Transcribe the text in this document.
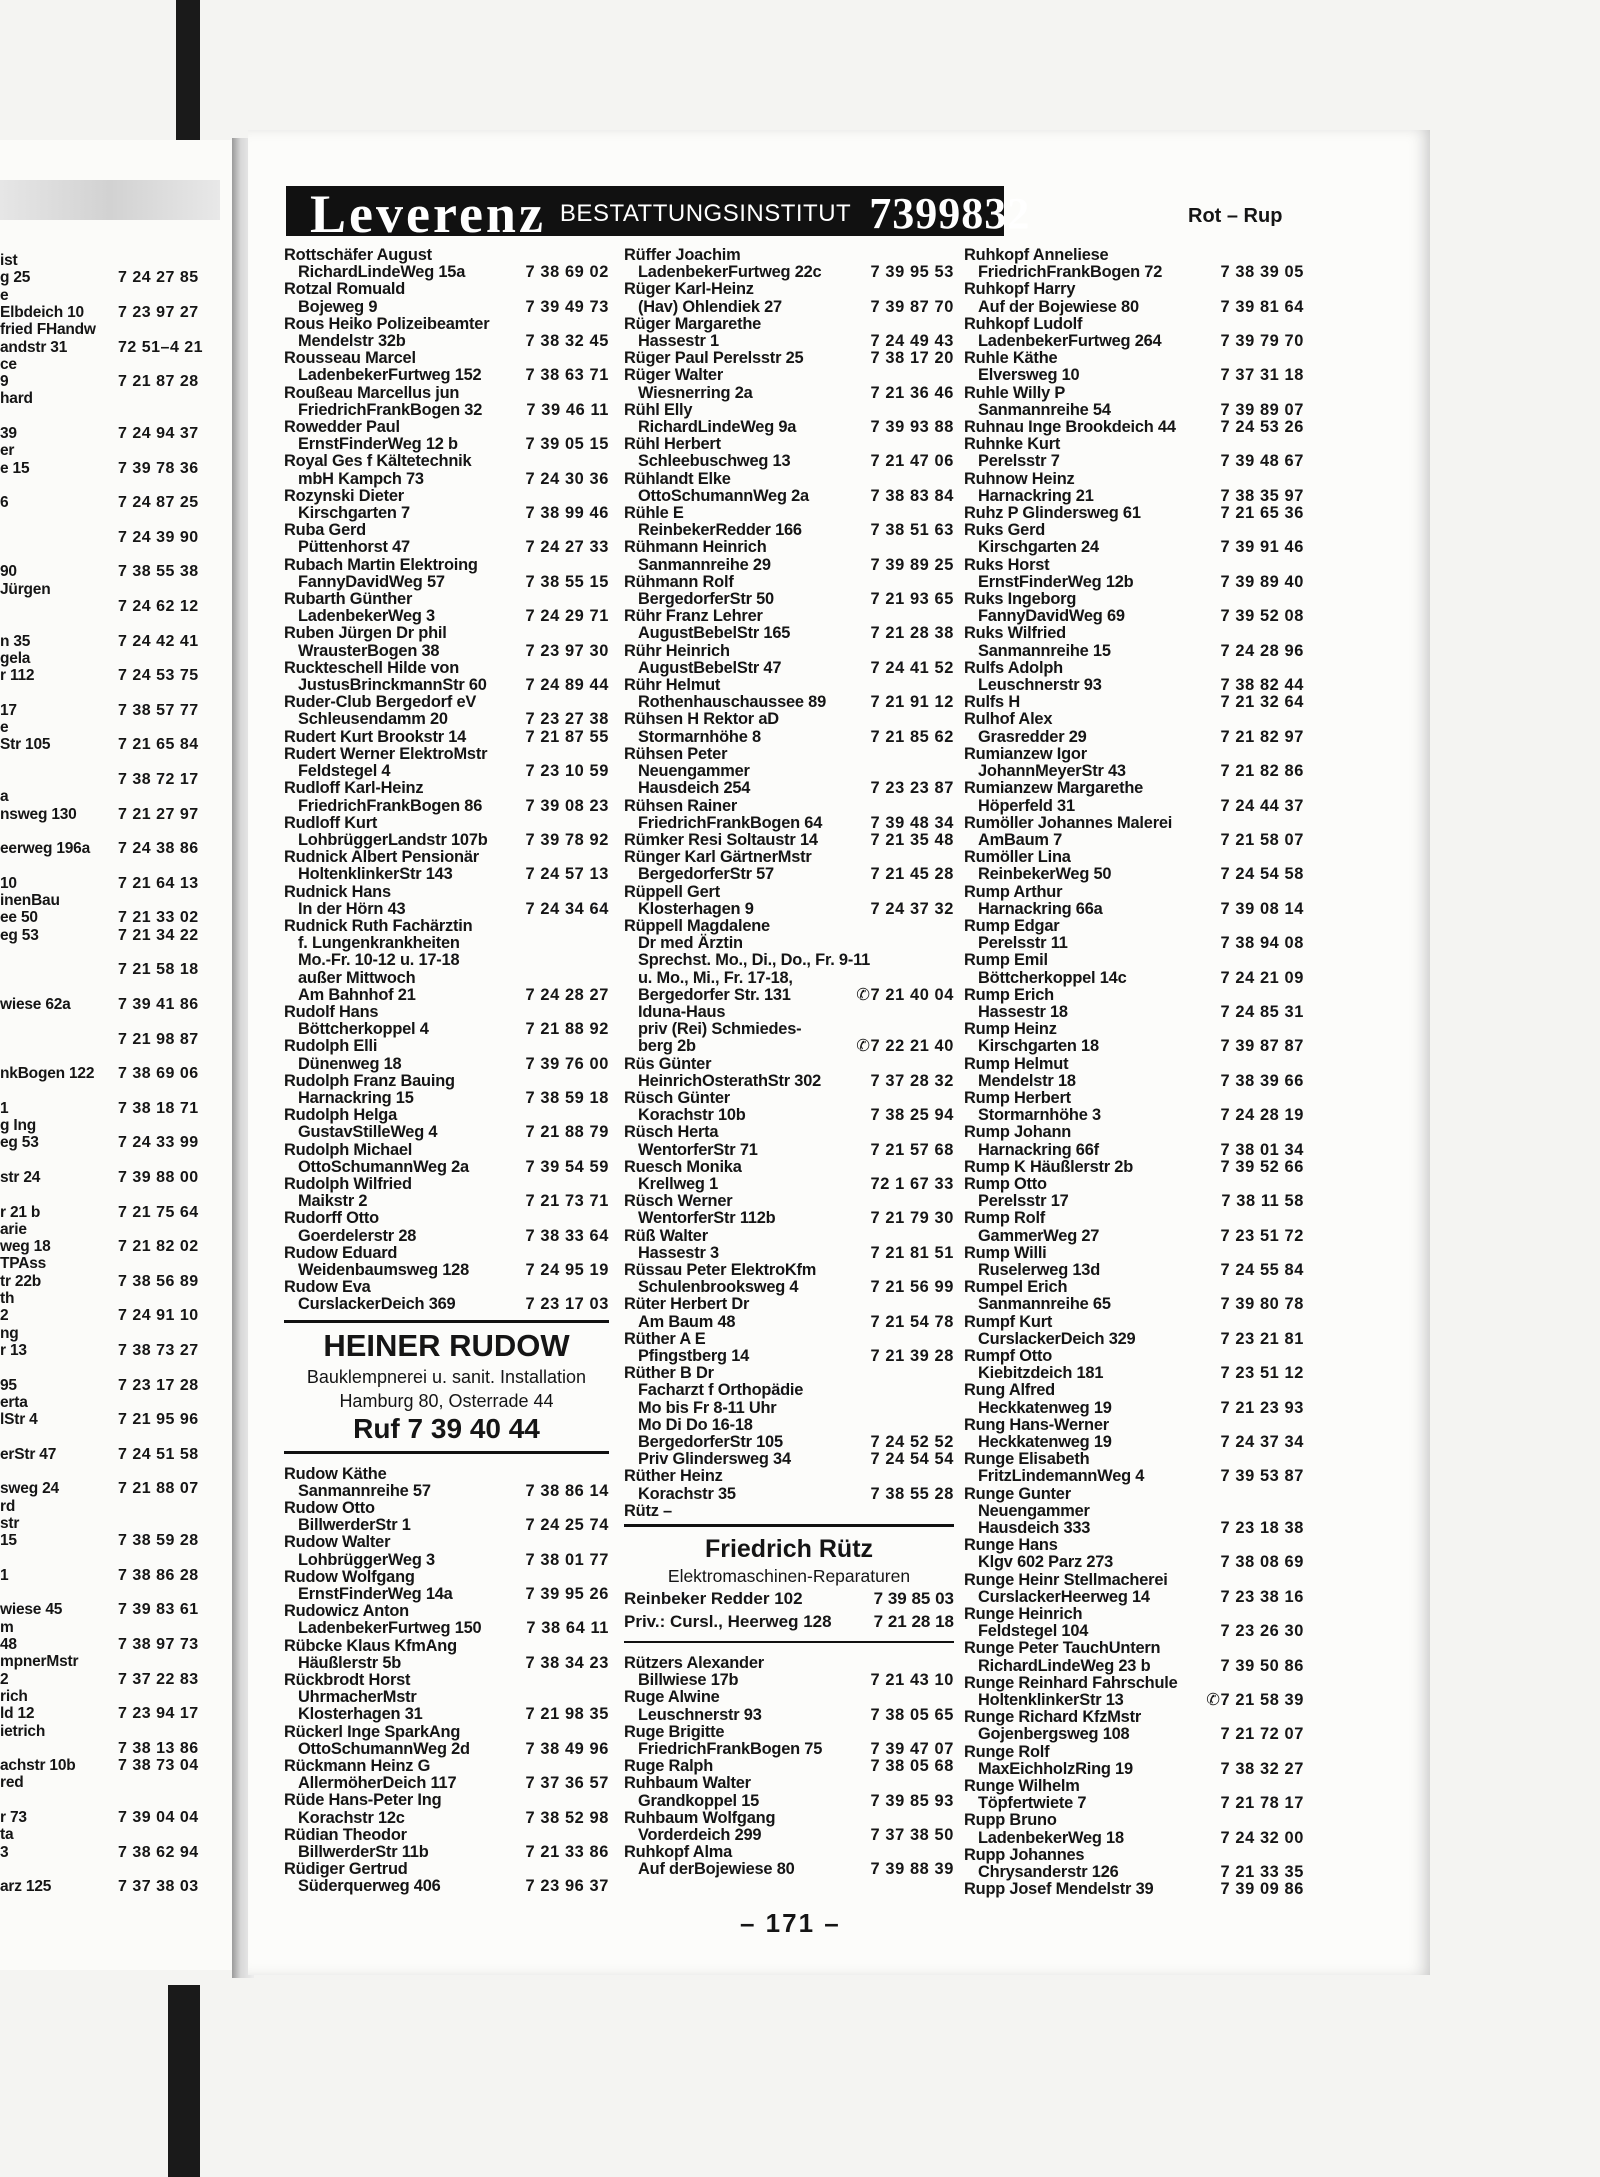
ist
g 25	7 24 27 85
e
Elbdeich 10 7 23 97 27
fried FHandw
andstr 31	72 51–4 21
ce
9	7 21 87 28
hard
39	7 24 94 37
er
e 15	7 39 78 36
6	7 24 87 25
7 24 39 90
90	7 38 55 38
Jürgen
7 24 62 12
n 35	7 24 42 41
gela
r 112	7 24 53 75
17	7 38 57 77
e
Str 105	7 21 65 84
7 38 72 17
a
nsweg 130	7 21 27 97
eerweg 196a 7 24 38 86
10	7 21 64 13
inenBau
ee 50	7 21 33 02
eg 53	7 21 34 22
7 21 58 18
wiese 62a	7 39 41 86
7 21 98 87
nkBogen 122 7 38 69 06
1	7 38 18 71
g Ing
eg 53	7 24 33 99
str 24	7 39 88 00
r 21 b	7 21 75 64
arie
weg 18	7 21 82 02
TPAss
tr 22b	7 38 56 89
th
2	7 24 91 10
ng
r 13	7 38 73 27
95	7 23 17 28
erta
lStr 4	7 21 95 96
erStr 47	7 24 51 58
sweg 24	7 21 88 07
rd
str
15	7 38 59 28
1	7 38 86 28
wiese 45	7 39 83 61
m
48	7 38 97 73
mpnerMstr
2	7 37 22 83
rich
ld 12	7 23 94 17
ietrich
7 38 13 86
achstr 10b	7 38 73 04
red
r 73	7 39 04 04
ta
3	7 38 62 94
arz 125	7 37 38 03
Leverenz BESTATTUNGSINSTITUT 7399832	Rot – Rup
Rottschäfer August
RichardLindeWeg 15a	7 38 69 02
Rotzal Romuald
Bojeweg 9	7 39 49 73
Rous Heiko Polizeibeamter
Mendelstr 32b	7 38 32 45
Rousseau Marcel
LadenbekerFurtweg 152	7 38 63 71
Roußeau Marcellus jun
FriedrichFrankBogen 32	7 39 46 11
Rowedder Paul
ErnstFinderWeg 12 b	7 39 05 15
Royal Ges f Kältetechnik
mbH Kampch 73	7 24 30 36
Rozynski Dieter
Kirschgarten 7	7 38 99 46
Ruba Gerd
Püttenhorst 47	7 24 27 33
Rubach Martin Elektroing
FannyDavidWeg 57	7 38 55 15
Rubarth Günther
LadenbekerWeg 3	7 24 29 71
Ruben Jürgen Dr phil
WrausterBogen 38	7 23 97 30
Ruckteschell Hilde von
JustusBrinckmannStr 60 7 24 89 44
Ruder-Club Bergedorf eV
Schleusendamm 20	7 23 27 38
Rudert Kurt Brookstr 14	7 21 87 55
Rudert Werner ElektroMstr
Feldstegel 4	7 23 10 59
Rudloff Karl-Heinz
FriedrichFrankBogen 86	7 39 08 23
Rudloff Kurt
LohbrüggerLandstr 107b 7 39 78 92
Rudnick Albert Pensionär
HoltenklinkerStr 143	7 24 57 13
Rudnick Hans
In der Hörn 43	7 24 34 64
Rudnick Ruth Fachärztin
f. Lungenkrankheiten
Mo.-Fr. 10-12 u. 17-18
außer Mittwoch
Am Bahnhof 21	7 24 28 27
Rudolf Hans
Böttcherkoppel 4	7 21 88 92
Rudolph Elli
Dünenweg 18	7 39 76 00
Rudolph Franz Bauing
Harnackring 15	7 38 59 18
Rudolph Helga
GustavStilleWeg 4	7 21 88 79
Rudolph Michael
OttoSchumannWeg 2a	7 39 54 59
Rudolph Wilfried
Maikstr 2	7 21 73 71
Rudorff Otto
Goerdelerstr 28	7 38 33 64
Rudow Eduard
Weidenbaumsweg 128	7 24 95 19
Rudow Eva
CurslackerDeich 369	7 23 17 03
HEINER RUDOW
Bauklempnerei u. sanit. Installation
Hamburg 80, Osterrade 44
Ruf 7 39 40 44
Rudow Käthe
Sanmannreihe 57	7 38 86 14
Rudow Otto
BillwerderStr 1	7 24 25 74
Rudow Walter
LohbrüggerWeg 3	7 38 01 77
Rudow Wolfgang
ErnstFinderWeg 14a	7 39 95 26
Rudowicz Anton
LadenbekerFurtweg 150	7 38 64 11
Rübcke Klaus KfmAng
Häußlerstr 5b	7 38 34 23
Rückbrodt Horst
UhrmacherMstr
Klosterhagen 31	7 21 98 35
Rückerl Inge SparkAng
OttoSchumannWeg 2d	7 38 49 96
Rückmann Heinz G
AllermöherDeich 117	7 37 36 57
Rüde Hans-Peter Ing
Korachstr 12c	7 38 52 98
Rüdian Theodor
BillwerderStr 11b	7 21 33 86
Rüdiger Gertrud
Süderquerweg 406	7 23 96 37
Rüffer Joachim
LadenbekerFurtweg 22c	7 39 95 53
Rüger Karl-Heinz
(Hav) Ohlendiek 27	7 39 87 70
Rüger Margarethe
Hassestr 1	7 24 49 43
Rüger Paul Perelsstr 25	7 38 17 20
Rüger Walter
Wiesnerring 2a	7 21 36 46
Rühl Elly
RichardLindeWeg 9a	7 39 93 88
Rühl Herbert
Schleebuschweg 13	7 21 47 06
Rühlandt Elke
OttoSchumannWeg 2a	7 38 83 84
Rühle E
ReinbekerRedder 166	7 38 51 63
Rühmann Heinrich
Sanmannreihe 29	7 39 89 25
Rühmann Rolf
BergedorferStr 50	7 21 93 65
Rühr Franz Lehrer
AugustBebelStr 165	7 21 28 38
Rühr Heinrich
AugustBebelStr 47	7 24 41 52
Rühr Helmut
Rothenhauschaussee 89	7 21 91 12
Rühsen H Rektor aD
Stormarnhöhe 8	7 21 85 62
Rühsen Peter
Neuengammer
Hausdeich 254	7 23 23 87
Rühsen Rainer
FriedrichFrankBogen 64	7 39 48 34
Rümker Resi Soltaustr 14	7 21 35 48
Rünger Karl GärtnerMstr
BergedorferStr 57	7 21 45 28
Rüppell Gert
Klosterhagen 9	7 24 37 32
Rüppell Magdalene
Dr med Ärztin
Sprechst. Mo., Di., Do., Fr. 9-11
u. Mo., Mi., Fr. 17-18,
Bergedorfer Str. 131	✆7 21 40 04
Iduna-Haus
priv (Rei) Schmiedes-
berg 2b	✆7 22 21 40
Rüs Günter
HeinrichOsterathStr 302	7 37 28 32
Rüsch Günter
Korachstr 10b	7 38 25 94
Rüsch Herta
WentorferStr 71	7 21 57 68
Ruesch Monika
Krellweg 1	72 1 67 33
Rüsch Werner
WentorferStr 112b	7 21 79 30
Rüß Walter
Hassestr 3	7 21 81 51
Rüssau Peter ElektroKfm
Schulenbrooksweg 4	7 21 56 99
Rüter Herbert Dr
Am Baum 48	7 21 54 78
Rüther A E
Pfingstberg 14	7 21 39 28
Rüther B Dr
Facharzt f Orthopädie
Mo bis Fr 8-11 Uhr
Mo Di Do 16-18
BergedorferStr 105	7 24 52 52
Priv Glindersweg 34	7 24 54 54
Rüther Heinz
Korachstr 35	7 38 55 28
Rütz –
Friedrich Rütz
Elektromaschinen-Reparaturen
Reinbeker Redder 102	7 39 85 03
Priv.: Cursl., Heerweg 128 7 21 28 18
Rützers Alexander
Billwiese 17b	7 21 43 10
Ruge Alwine
Leuschnerstr 93	7 38 05 65
Ruge Brigitte
FriedrichFrankBogen 75	7 39 47 07
Ruge Ralph	7 38 05 68
Ruhbaum Walter
Grandkoppel 15	7 39 85 93
Ruhbaum Wolfgang
Vorderdeich 299	7 37 38 50
Ruhkopf Alma
Auf derBojewiese 80	7 39 88 39
Ruhkopf Anneliese
FriedrichFrankBogen 72	7 38 39 05
Ruhkopf Harry
Auf der Bojewiese 80	7 39 81 64
Ruhkopf Ludolf
LadenbekerFurtweg 264	7 39 79 70
Ruhle Käthe
Elversweg 10	7 37 31 18
Ruhle Willy P
Sanmannreihe 54	7 39 89 07
Ruhnau Inge Brookdeich 44	7 24 53 26
Ruhnke Kurt
Perelsstr 7	7 39 48 67
Ruhnow Heinz
Harnackring 21	7 38 35 97
Ruhz P Glindersweg 61	7 21 65 36
Ruks Gerd
Kirschgarten 24	7 39 91 46
Ruks Horst
ErnstFinderWeg 12b	7 39 89 40
Ruks Ingeborg
FannyDavidWeg 69	7 39 52 08
Ruks Wilfried
Sanmannreihe 15	7 24 28 96
Rulfs Adolph
Leuschnerstr 93	7 38 82 44
Rulfs H	7 21 32 64
Rulhof Alex
Grasredder 29	7 21 82 97
Rumianzew Igor
JohannMeyerStr 43	7 21 82 86
Rumianzew Margarethe
Höperfeld 31	7 24 44 37
Rumöller Johannes Malerei
AmBaum 7	7 21 58 07
Rumöller Lina
ReinbekerWeg 50	7 24 54 58
Rump Arthur
Harnackring 66a	7 39 08 14
Rump Edgar
Perelsstr 11	7 38 94 08
Rump Emil
Böttcherkoppel 14c	7 24 21 09
Rump Erich
Hassestr 18	7 24 85 31
Rump Heinz
Kirschgarten 18	7 39 87 87
Rump Helmut
Mendelstr 18	7 38 39 66
Rump Herbert
Stormarnhöhe 3	7 24 28 19
Rump Johann
Harnackring 66f	7 38 01 34
Rump K Häußlerstr 2b	7 39 52 66
Rump Otto
Perelsstr 17	7 38 11 58
Rump Rolf
GammerWeg 27	7 23 51 72
Rump Willi
Ruselerweg 13d	7 24 55 84
Rumpel Erich
Sanmannreihe 65	7 39 80 78
Rumpf Kurt
CurslackerDeich 329	7 23 21 81
Rumpf Otto
Kiebitzdeich 181	7 23 51 12
Rung Alfred
Heckkatenweg 19	7 21 23 93
Rung Hans-Werner
Heckkatenweg 19	7 24 37 34
Runge Elisabeth
FritzLindemannWeg 4	7 39 53 87
Runge Gunter
Neuengammer
Hausdeich 333	7 23 18 38
Runge Hans
Klgv 602 Parz 273	7 38 08 69
Runge Heinr Stellmacherei
CurslackerHeerweg 14	7 23 38 16
Runge Heinrich
Feldstegel 104	7 23 26 30
Runge Peter TauchUntern
RichardLindeWeg 23 b	7 39 50 86
Runge Reinhard Fahrschule
HoltenklinkerStr 13	✆7 21 58 39
Runge Richard KfzMstr
Gojenbergsweg 108	7 21 72 07
Runge Rolf
MaxEichholzRing 19	7 38 32 27
Runge Wilhelm
Töpfertwiete 7	7 21 78 17
Rupp Bruno
LadenbekerWeg 18	7 24 32 00
Rupp Johannes
Chrysanderstr 126	7 21 33 35
Rupp Josef Mendelstr 39	7 39 09 86
– 171 –
